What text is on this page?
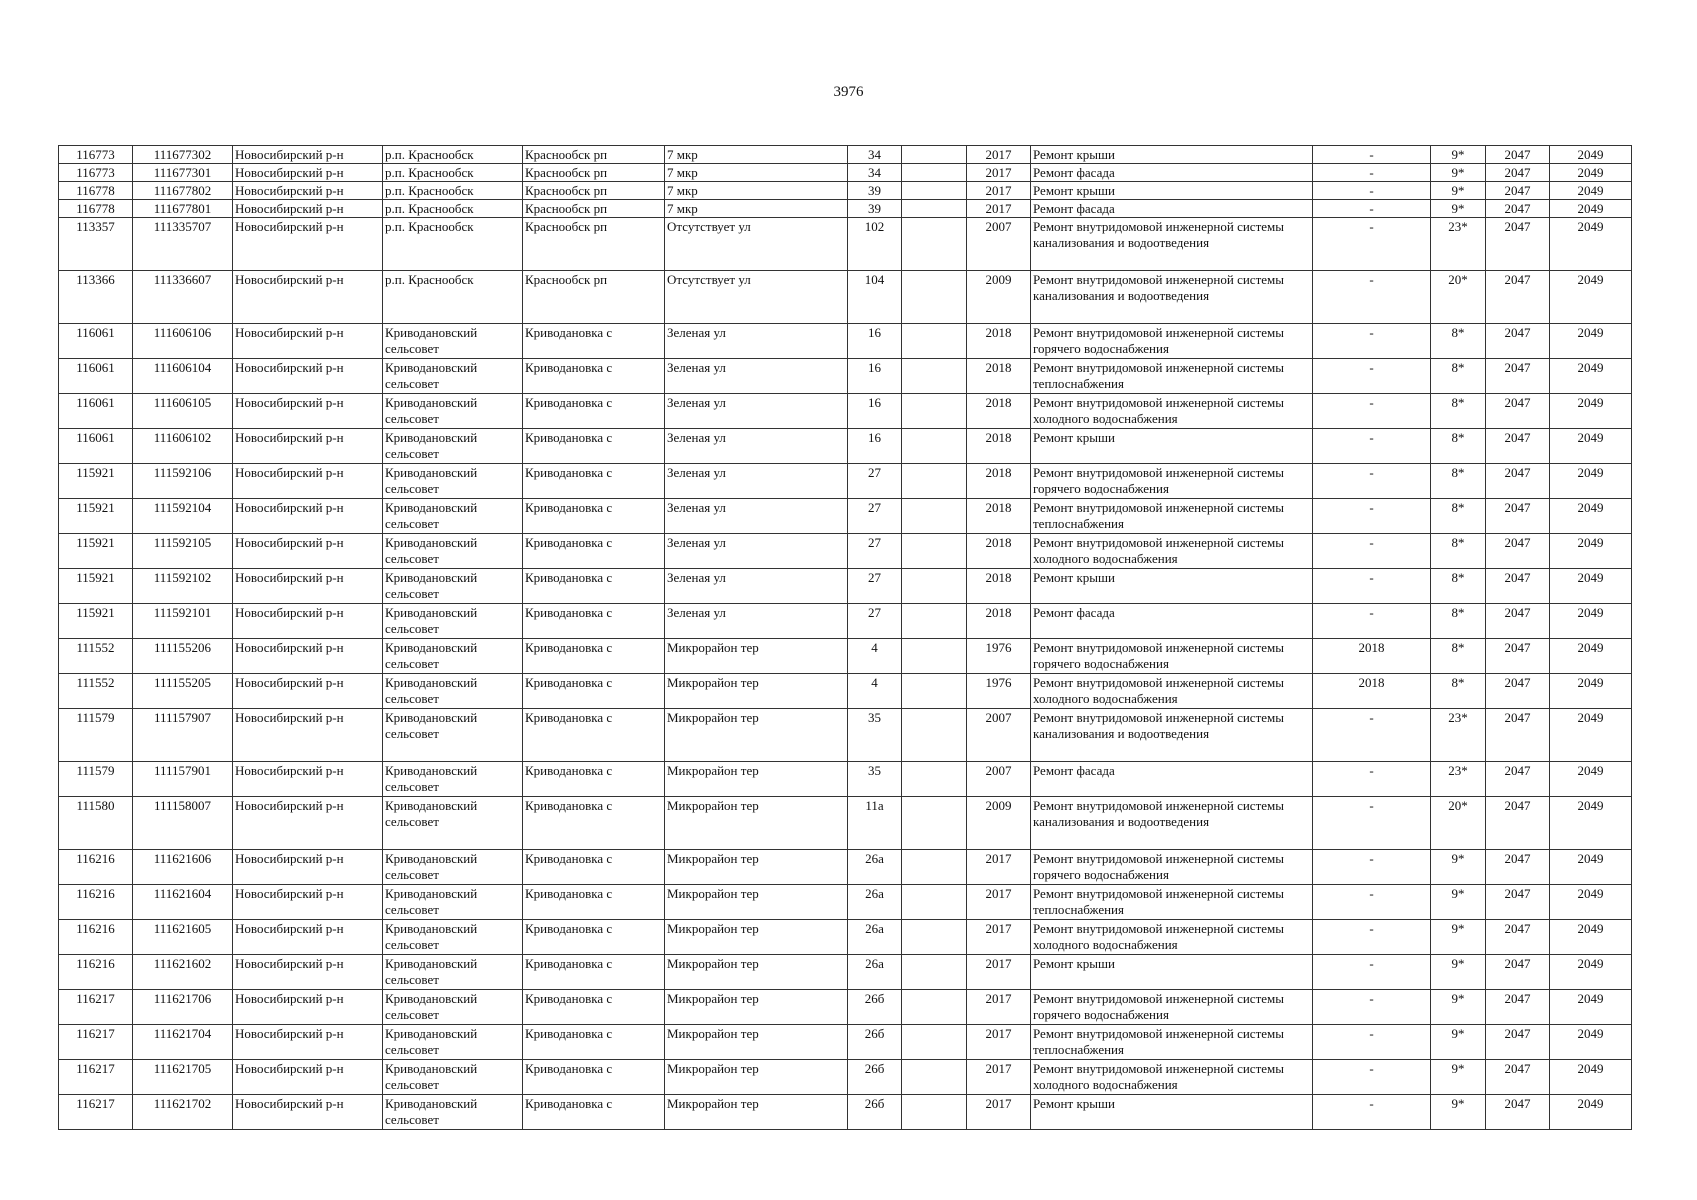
3976
116773	111677302	Новосибирский р-н	р.п. Краснообск	Краснообск рп	7 мкр	34		2017	Ремонт крыши	-	9*	2047	2049
116773	111677301	Новосибирский р-н	р.п. Краснообск	Краснообск рп	7 мкр	34		2017	Ремонт фасада	-	9*	2047	2049
116778	111677802	Новосибирский р-н	р.п. Краснообск	Краснообск рп	7 мкр	39		2017	Ремонт крыши	-	9*	2047	2049
116778	111677801	Новосибирский р-н	р.п. Краснообск	Краснообск рп	7 мкр	39		2017	Ремонт фасада	-	9*	2047	2049
113357	111335707	Новосибирский р-н	р.п. Краснообск	Краснообск рп	Отсутствует ул	102		2007	Ремонт внутридомовой инженерной системы канализования и водоотведения	-	23*	2047	2049
113366	111336607	Новосибирский р-н	р.п. Краснообск	Краснообск рп	Отсутствует ул	104		2009	Ремонт внутридомовой инженерной системы канализования и водоотведения	-	20*	2047	2049
116061	111606106	Новосибирский р-н	Криводановский сельсовет	Криводановка с	Зеленая ул	16		2018	Ремонт внутридомовой инженерной системы горячего водоснабжения	-	8*	2047	2049
116061	111606104	Новосибирский р-н	Криводановский сельсовет	Криводановка с	Зеленая ул	16		2018	Ремонт внутридомовой инженерной системы теплоснабжения	-	8*	2047	2049
116061	111606105	Новосибирский р-н	Криводановский сельсовет	Криводановка с	Зеленая ул	16		2018	Ремонт внутридомовой инженерной системы холодного водоснабжения	-	8*	2047	2049
116061	111606102	Новосибирский р-н	Криводановский сельсовет	Криводановка с	Зеленая ул	16		2018	Ремонт крыши	-	8*	2047	2049
115921	111592106	Новосибирский р-н	Криводановский сельсовет	Криводановка с	Зеленая ул	27		2018	Ремонт внутридомовой инженерной системы горячего водоснабжения	-	8*	2047	2049
115921	111592104	Новосибирский р-н	Криводановский сельсовет	Криводановка с	Зеленая ул	27		2018	Ремонт внутридомовой инженерной системы теплоснабжения	-	8*	2047	2049
115921	111592105	Новосибирский р-н	Криводановский сельсовет	Криводановка с	Зеленая ул	27		2018	Ремонт внутридомовой инженерной системы холодного водоснабжения	-	8*	2047	2049
115921	111592102	Новосибирский р-н	Криводановский сельсовет	Криводановка с	Зеленая ул	27		2018	Ремонт крыши	-	8*	2047	2049
115921	111592101	Новосибирский р-н	Криводановский сельсовет	Криводановка с	Зеленая ул	27		2018	Ремонт фасада	-	8*	2047	2049
111552	111155206	Новосибирский р-н	Криводановский сельсовет	Криводановка с	Микрорайон тер	4		1976	Ремонт внутридомовой инженерной системы горячего водоснабжения	2018	8*	2047	2049
111552	111155205	Новосибирский р-н	Криводановский сельсовет	Криводановка с	Микрорайон тер	4		1976	Ремонт внутридомовой инженерной системы холодного водоснабжения	2018	8*	2047	2049
111579	111157907	Новосибирский р-н	Криводановский сельсовет	Криводановка с	Микрорайон тер	35		2007	Ремонт внутридомовой инженерной системы канализования и водоотведения	-	23*	2047	2049
111579	111157901	Новосибирский р-н	Криводановский сельсовет	Криводановка с	Микрорайон тер	35		2007	Ремонт фасада	-	23*	2047	2049
111580	111158007	Новосибирский р-н	Криводановский сельсовет	Криводановка с	Микрорайон тер	11а		2009	Ремонт внутридомовой инженерной системы канализования и водоотведения	-	20*	2047	2049
116216	111621606	Новосибирский р-н	Криводановский сельсовет	Криводановка с	Микрорайон тер	26а		2017	Ремонт внутридомовой инженерной системы горячего водоснабжения	-	9*	2047	2049
116216	111621604	Новосибирский р-н	Криводановский сельсовет	Криводановка с	Микрорайон тер	26а		2017	Ремонт внутридомовой инженерной системы теплоснабжения	-	9*	2047	2049
116216	111621605	Новосибирский р-н	Криводановский сельсовет	Криводановка с	Микрорайон тер	26а		2017	Ремонт внутридомовой инженерной системы холодного водоснабжения	-	9*	2047	2049
116216	111621602	Новосибирский р-н	Криводановский сельсовет	Криводановка с	Микрорайон тер	26а		2017	Ремонт крыши	-	9*	2047	2049
116217	111621706	Новосибирский р-н	Криводановский сельсовет	Криводановка с	Микрорайон тер	26б		2017	Ремонт внутридомовой инженерной системы горячего водоснабжения	-	9*	2047	2049
116217	111621704	Новосибирский р-н	Криводановский сельсовет	Криводановка с	Микрорайон тер	26б		2017	Ремонт внутридомовой инженерной системы теплоснабжения	-	9*	2047	2049
116217	111621705	Новосибирский р-н	Криводановский сельсовет	Криводановка с	Микрорайон тер	26б		2017	Ремонт внутридомовой инженерной системы холодного водоснабжения	-	9*	2047	2049
116217	111621702	Новосибирский р-н	Криводановский сельсовет	Криводановка с	Микрорайон тер	26б		2017	Ремонт крыши	-	9*	2047	2049
